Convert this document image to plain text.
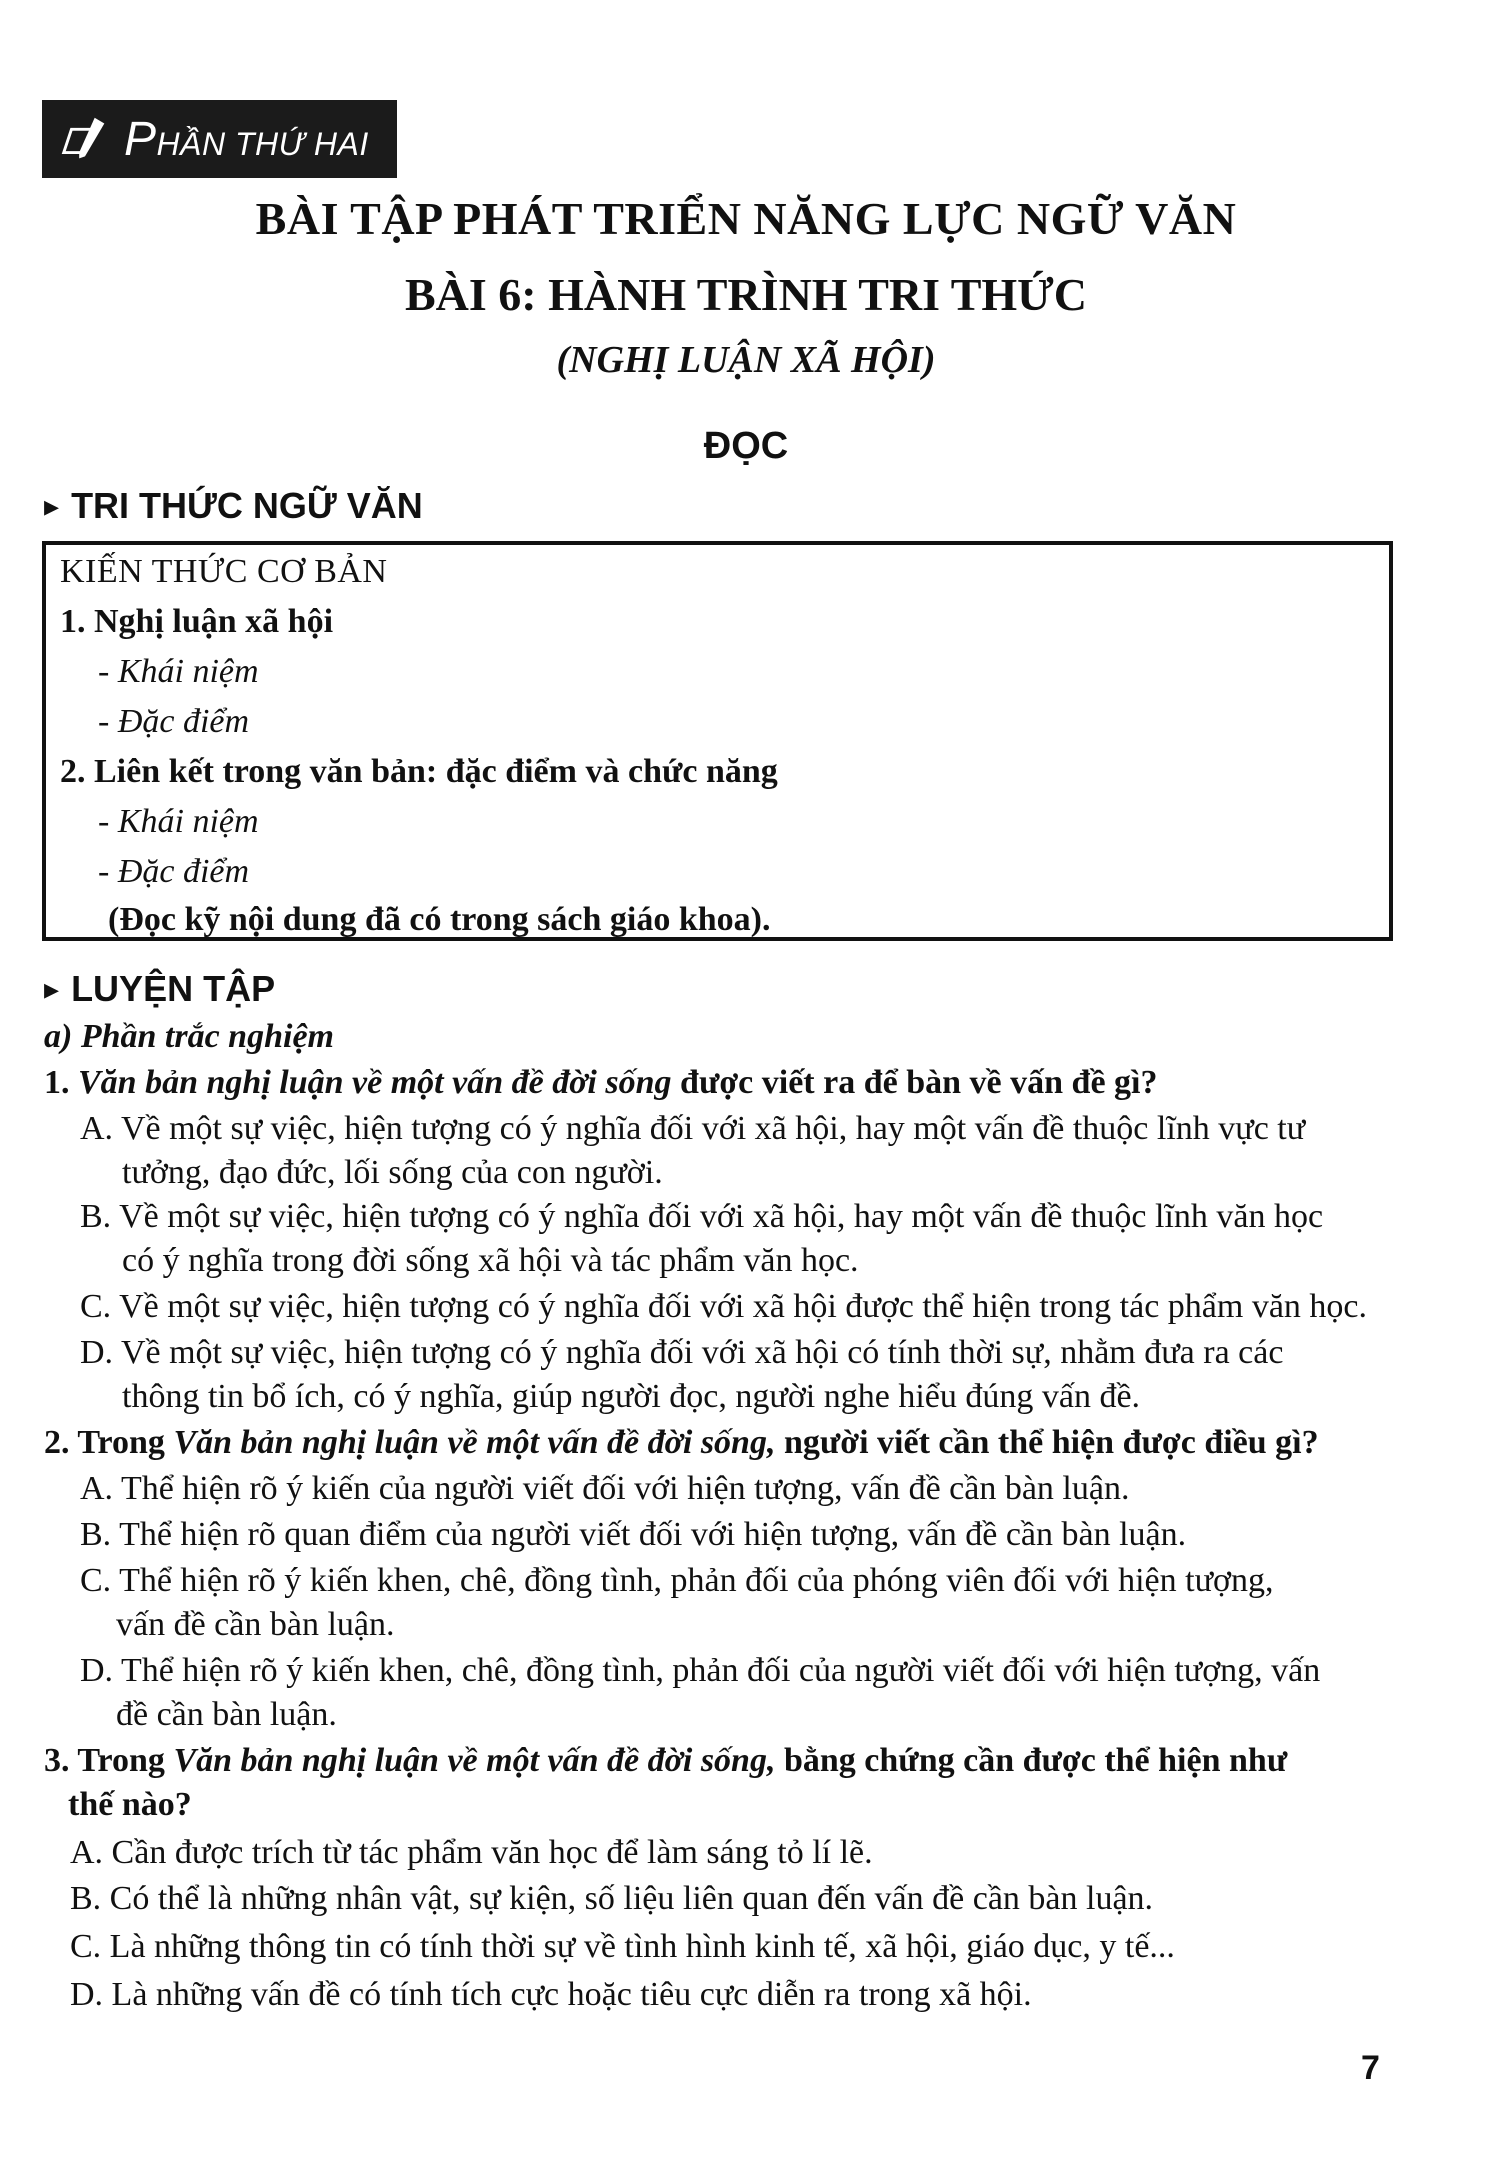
PHẦN THỨ HAI
BÀI TẬP PHÁT TRIỂN NĂNG LỰC NGỮ VĂN
BÀI 6: HÀNH TRÌNH TRI THỨC
(NGHỊ LUẬN XÃ HỘI)
ĐỌC
▸ TRI THỨC NGỮ VĂN
KIẾN THỨC CƠ BẢN
1. Nghị luận xã hội
- Khái niệm
- Đặc điểm
2. Liên kết trong văn bản: đặc điểm và chức năng
- Khái niệm
- Đặc điểm
(Đọc kỹ nội dung đã có trong sách giáo khoa).
▸ LUYỆN TẬP
a) Phần trắc nghiệm
1. Văn bản nghị luận về một vấn đề đời sống được viết ra để bàn về vấn đề gì?
A. Về một sự việc, hiện tượng có ý nghĩa đối với xã hội, hay một vấn đề thuộc lĩnh vực tư
tưởng, đạo đức, lối sống của con người.
B. Về một sự việc, hiện tượng có ý nghĩa đối với xã hội, hay một vấn đề thuộc lĩnh văn học
có ý nghĩa trong đời sống xã hội và tác phẩm văn học.
C. Về một sự việc, hiện tượng có ý nghĩa đối với xã hội được thể hiện trong tác phẩm văn học.
D. Về một sự việc, hiện tượng có ý nghĩa đối với xã hội có tính thời sự, nhằm đưa ra các
thông tin bổ ích, có ý nghĩa, giúp người đọc, người nghe hiểu đúng vấn đề.
2. Trong Văn bản nghị luận về một vấn đề đời sống, người viết cần thể hiện được điều gì?
A. Thể hiện rõ ý kiến của người viết đối với hiện tượng, vấn đề cần bàn luận.
B. Thể hiện rõ quan điểm của người viết đối với hiện tượng, vấn đề cần bàn luận.
C. Thể hiện rõ ý kiến khen, chê, đồng tình, phản đối của phóng viên đối với hiện tượng,
vấn đề cần bàn luận.
D. Thể hiện rõ ý kiến khen, chê, đồng tình, phản đối của người viết đối với hiện tượng, vấn
đề cần bàn luận.
3. Trong Văn bản nghị luận về một vấn đề đời sống, bằng chứng cần được thể hiện như
thế nào?
A. Cần được trích từ tác phẩm văn học để làm sáng tỏ lí lẽ.
B. Có thể là những nhân vật, sự kiện, số liệu liên quan đến vấn đề cần bàn luận.
C. Là những thông tin có tính thời sự về tình hình kinh tế, xã hội, giáo dục, y tế...
D. Là những vấn đề có tính tích cực hoặc tiêu cực diễn ra trong xã hội.
7
